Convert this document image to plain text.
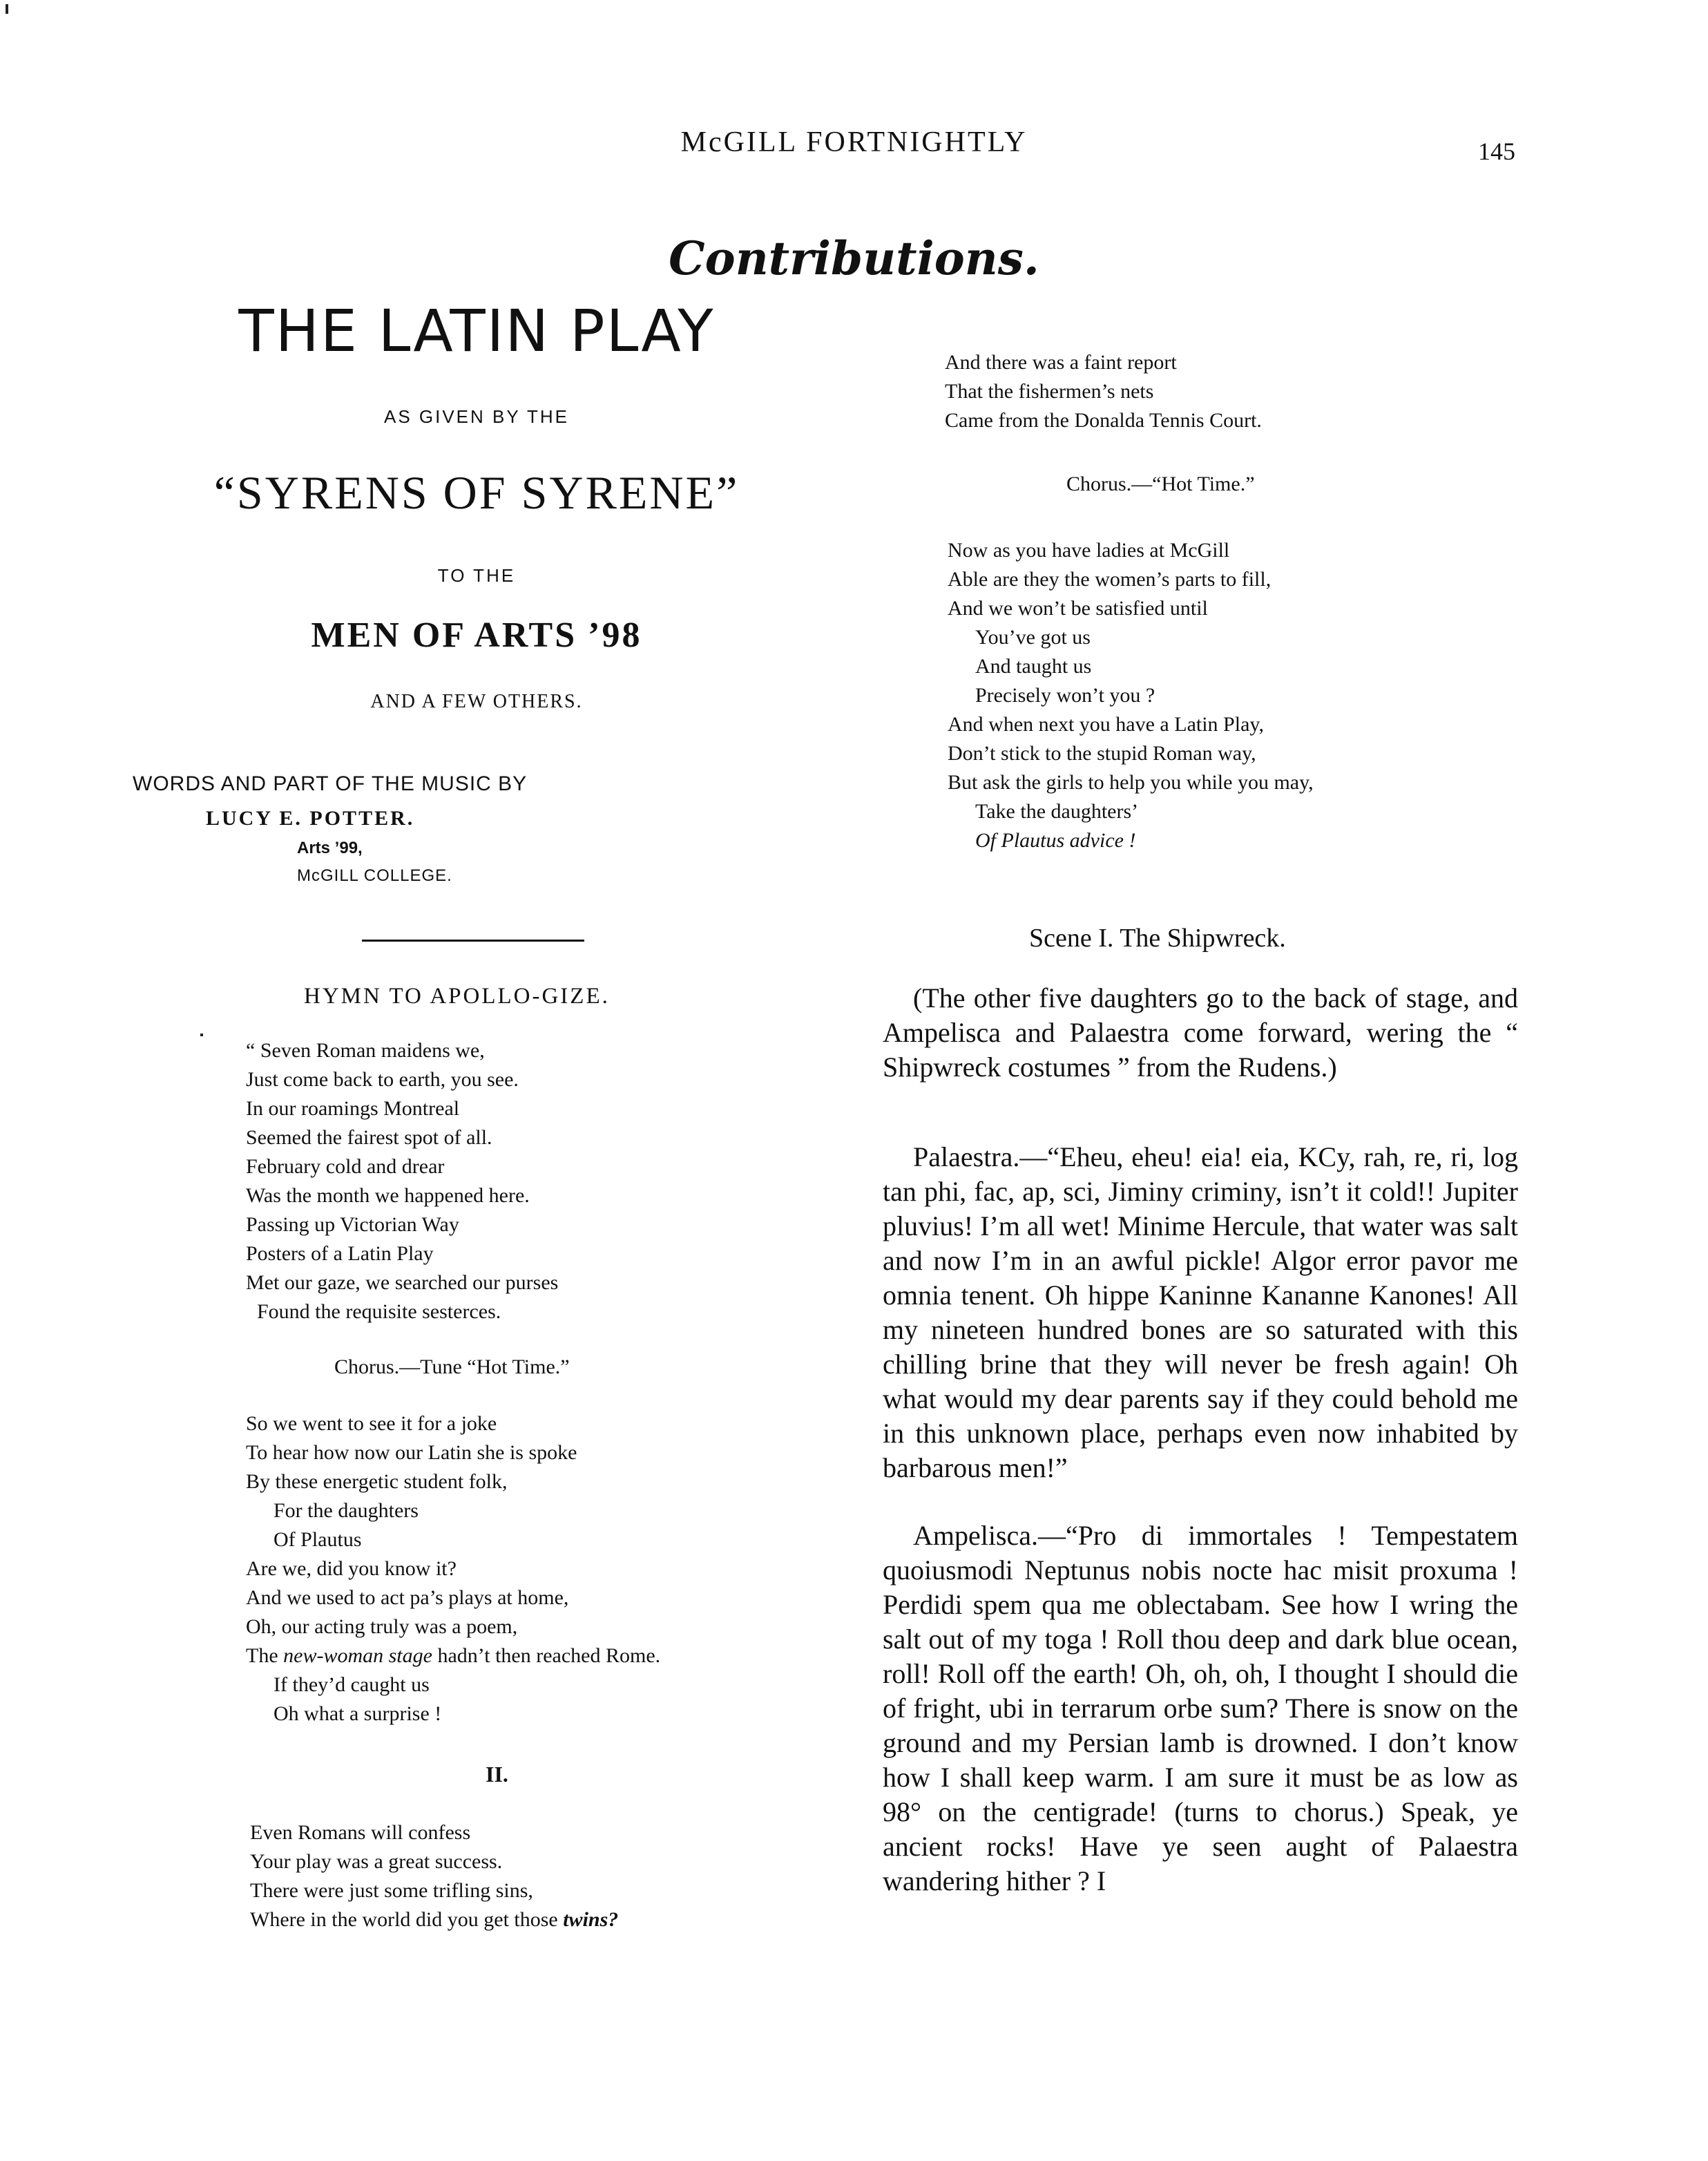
McGILL FORTNIGHTLY	145
Contributions.
THE LATIN PLAY
AS GIVEN BY THE
“SYRENS OF SYRENE”
TO THE
MEN OF ARTS ’98
AND A FEW OTHERS.
WORDS AND PART OF THE MUSIC BY
LUCY E. POTTER.
Arts ’99,
McGILL COLLEGE.
HYMN TO APOLLO-GIZE.
“ Seven Roman maidens we,
Just come back to earth, you see.
In our roamings Montreal
Seemed the fairest spot of all.
February cold and drear
Was the month we happened here.
Passing up Victorian Way
Posters of a Latin Play
Met our gaze, we searched our purses
Found the requisite sesterces.
Chorus.—Tune “Hot Time.”
So we went to see it for a joke
To hear how now our Latin she is spoke
By these energetic student folk,
For the daughters
Of Plautus
Are we, did you know it?
And we used to act pa’s plays at home,
Oh, our acting truly was a poem,
The new-woman stage hadn’t then reached Rome.
If they’d caught us
Oh what a surprise !
II.
Even Romans will confess
Your play was a great success.
There were just some trifling sins,
Where in the world did you get those twins?
And there was a faint report
That the fishermen’s nets
Came from the Donalda Tennis Court.
Chorus.—“Hot Time.”
Now as you have ladies at McGill
Able are they the women’s parts to fill,
And we won’t be satisfied until
You’ve got us
And taught us
Precisely won’t you ?
And when next you have a Latin Play,
Don’t stick to the stupid Roman way,
But ask the girls to help you while you may,
Take the daughters’
Of Plautus advice !
Scene I. The Shipwreck.

(The other five daughters go to the back of stage, and Ampelisca and Palaestra come forward, wering the “ Shipwreck costumes ” from the Rudens.)

Palaestra.—“Eheu, eheu! eia! eia, KCy, rah, re, ri, log tan phi, fac, ap, sci, Jiminy criminy, isn’t it cold!! Jupiter pluvius! I’m all wet! Minime Hercule, that water was salt and now I’m in an awful pickle! Algor error pavor me omnia tenent. Oh hippe Kaninne Kananne Kanones! All my nineteen hundred bones are so saturated with this chilling brine that they will never be fresh again! Oh what would my dear parents say if they could behold me in this unknown place, perhaps even now inhabited by barbarous men!”

Ampelisca.—“Pro di immortales ! Tempestatem quoiusmodi Neptunus nobis nocte hac misit proxuma ! Perdidi spem qua me oblectabam. See how I wring the salt out of my toga ! Roll thou deep and dark blue ocean, roll! Roll off the earth! Oh, oh, oh, I thought I should die of fright, ubi in terrarum orbe sum? There is snow on the ground and my Persian lamb is drowned. I don’t know how I shall keep warm. I am sure it must be as low as 98° on the centigrade! (turns to chorus.) Speak, ye ancient rocks! Have ye seen aught of Palaestra wandering hither ? I
